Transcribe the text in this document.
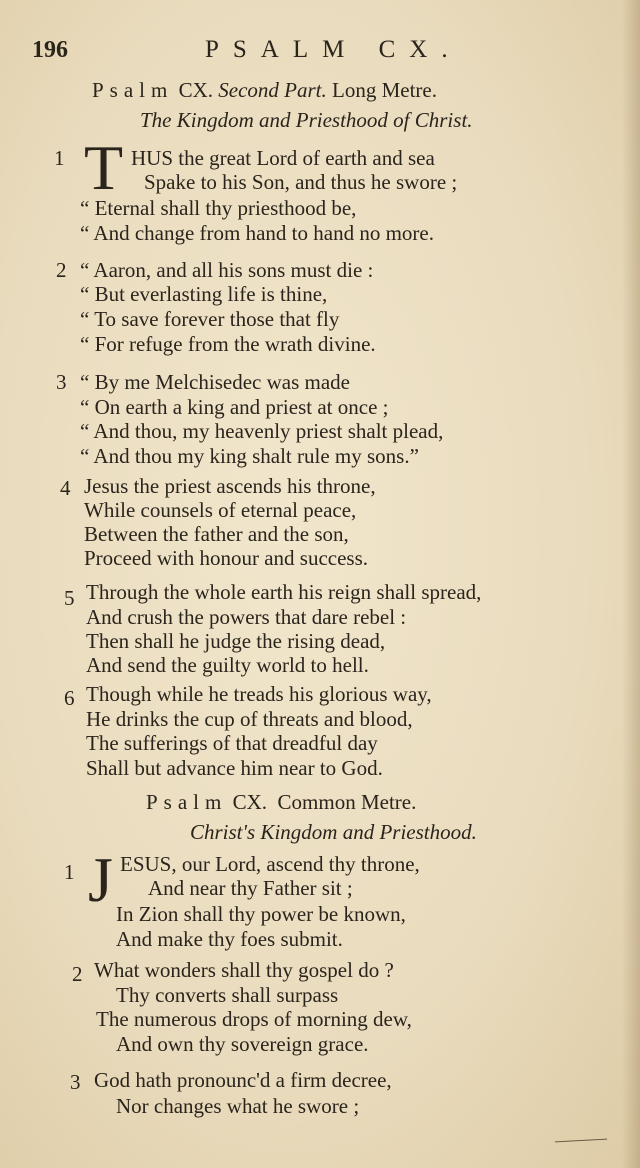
196	PSALM CX.
Psalm CX. Second Part. Long Metre.
The Kingdom and Priesthood of Christ.
1 T HUS the great Lord of earth and sea
Spake to his Son, and thus he swore ;
“ Eternal shall thy priesthood be,
“ And change from hand to hand no more.
2 “ Aaron, and all his sons must die :
“ But everlasting life is thine,
“ To save forever those that fly
“ For refuge from the wrath divine.
3 “ By me Melchisedec was made
“ On earth a king and priest at once ;
“ And thou, my heavenly priest shalt plead,
“ And thou my king shalt rule my sons.”
4 Jesus the priest ascends his throne,
While counsels of eternal peace,
Between the father and the son,
Proceed with honour and success.
5 Through the whole earth his reign shall spread,
And crush the powers that dare rebel :
Then shall he judge the rising dead,
And send the guilty world to hell.
6 Though while he treads his glorious way,
He drinks the cup of threats and blood,
The sufferings of that dreadful day
Shall but advance him near to God.
Psalm CX. Common Metre.
Christ's Kingdom and Priesthood.
1 J ESUS, our Lord, ascend thy throne,
And near thy Father sit ;
In Zion shall thy power be known,
And make thy foes submit.
2 What wonders shall thy gospel do ?
Thy converts shall surpass
The numerous drops of morning dew,
And own thy sovereign grace.
3 God hath pronounc'd a firm decree,
Nor changes what he swore ;
